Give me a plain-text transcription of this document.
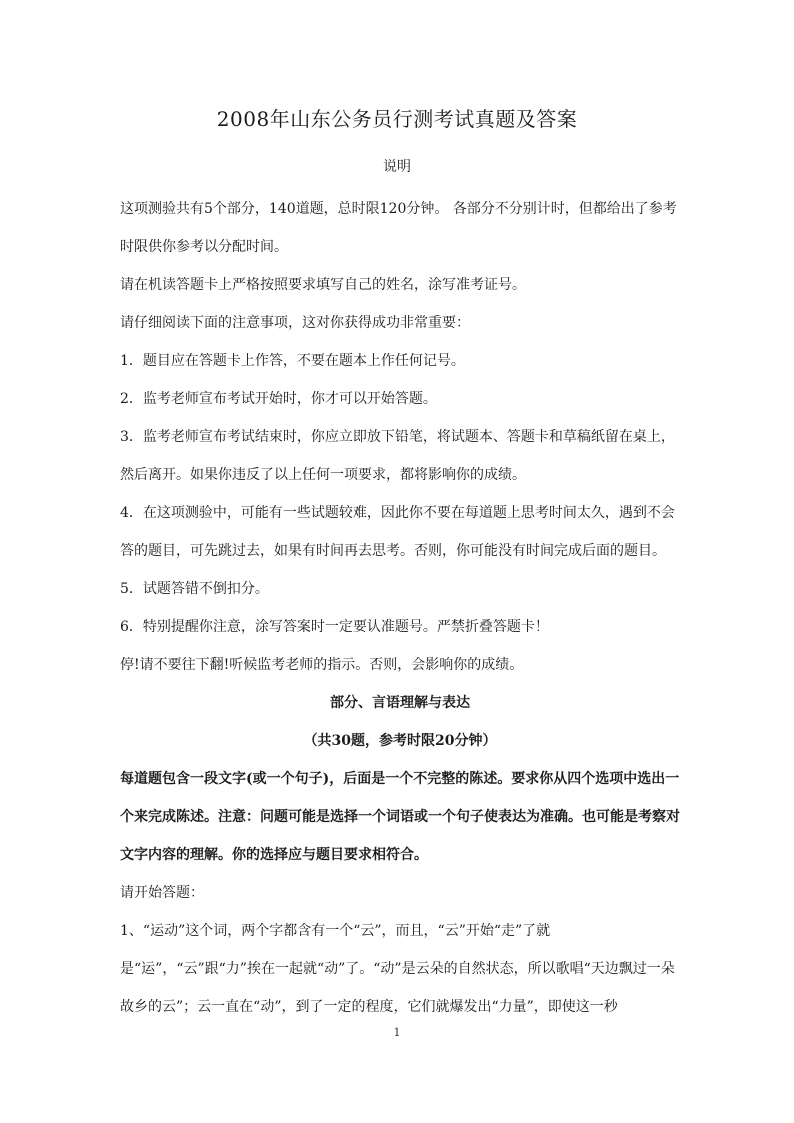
2008年山东公务员行测考试真题及答案
说明

这项测验共有5个部分，140道题，总时限120分钟。 各部分不分别计时，但都给出了参考时限供你参考以分配时间。

请在机读答题卡上严格按照要求填写自己的姓名，涂写准考证号。

请仔细阅读下面的注意事项，这对你获得成功非常重要：

1．题目应在答题卡上作答，不要在题本上作任何记号。

2．监考老师宣布考试开始时，你才可以开始答题。

3．监考老师宣布考试结束时，你应立即放下铅笔，将试题本、答题卡和草稿纸留在桌上，然后离开。如果你违反了以上任何一项要求，都将影响你的成绩。

4．在这项测验中，可能有一些试题较难，因此你不要在每道题上思考时间太久，遇到不会答的题目，可先跳过去，如果有时间再去思考。否则，你可能没有时间完成后面的题目。

5．试题答错不倒扣分。

6．特别提醒你注意，涂写答案时一定要认准题号。严禁折叠答题卡！

停!请不要往下翻!听候监考老师的指示。否则，会影响你的成绩。

部分、言语理解与表达

（共30题，参考时限20分钟）

每道题包含一段文字(或一个句子)，后面是一个不完整的陈述。要求你从四个选项中选出一个来完成陈述。注意：问题可能是选择一个词语或一个句子使表达为准确。也可能是考察对文字内容的理解。你的选择应与题目要求相符合。

请开始答题：

1、“运动”这个词，两个字都含有一个“云”，而且，“云”开始“走”了就是“运”，“云”跟“力”挨在一起就“动”了。“动”是云朵的自然状态，所以歌唱“天边飘过一朵故乡的云”；云一直在“动”，到了一定的程度，它们就爆发出“力量”，即使这一秒

1
